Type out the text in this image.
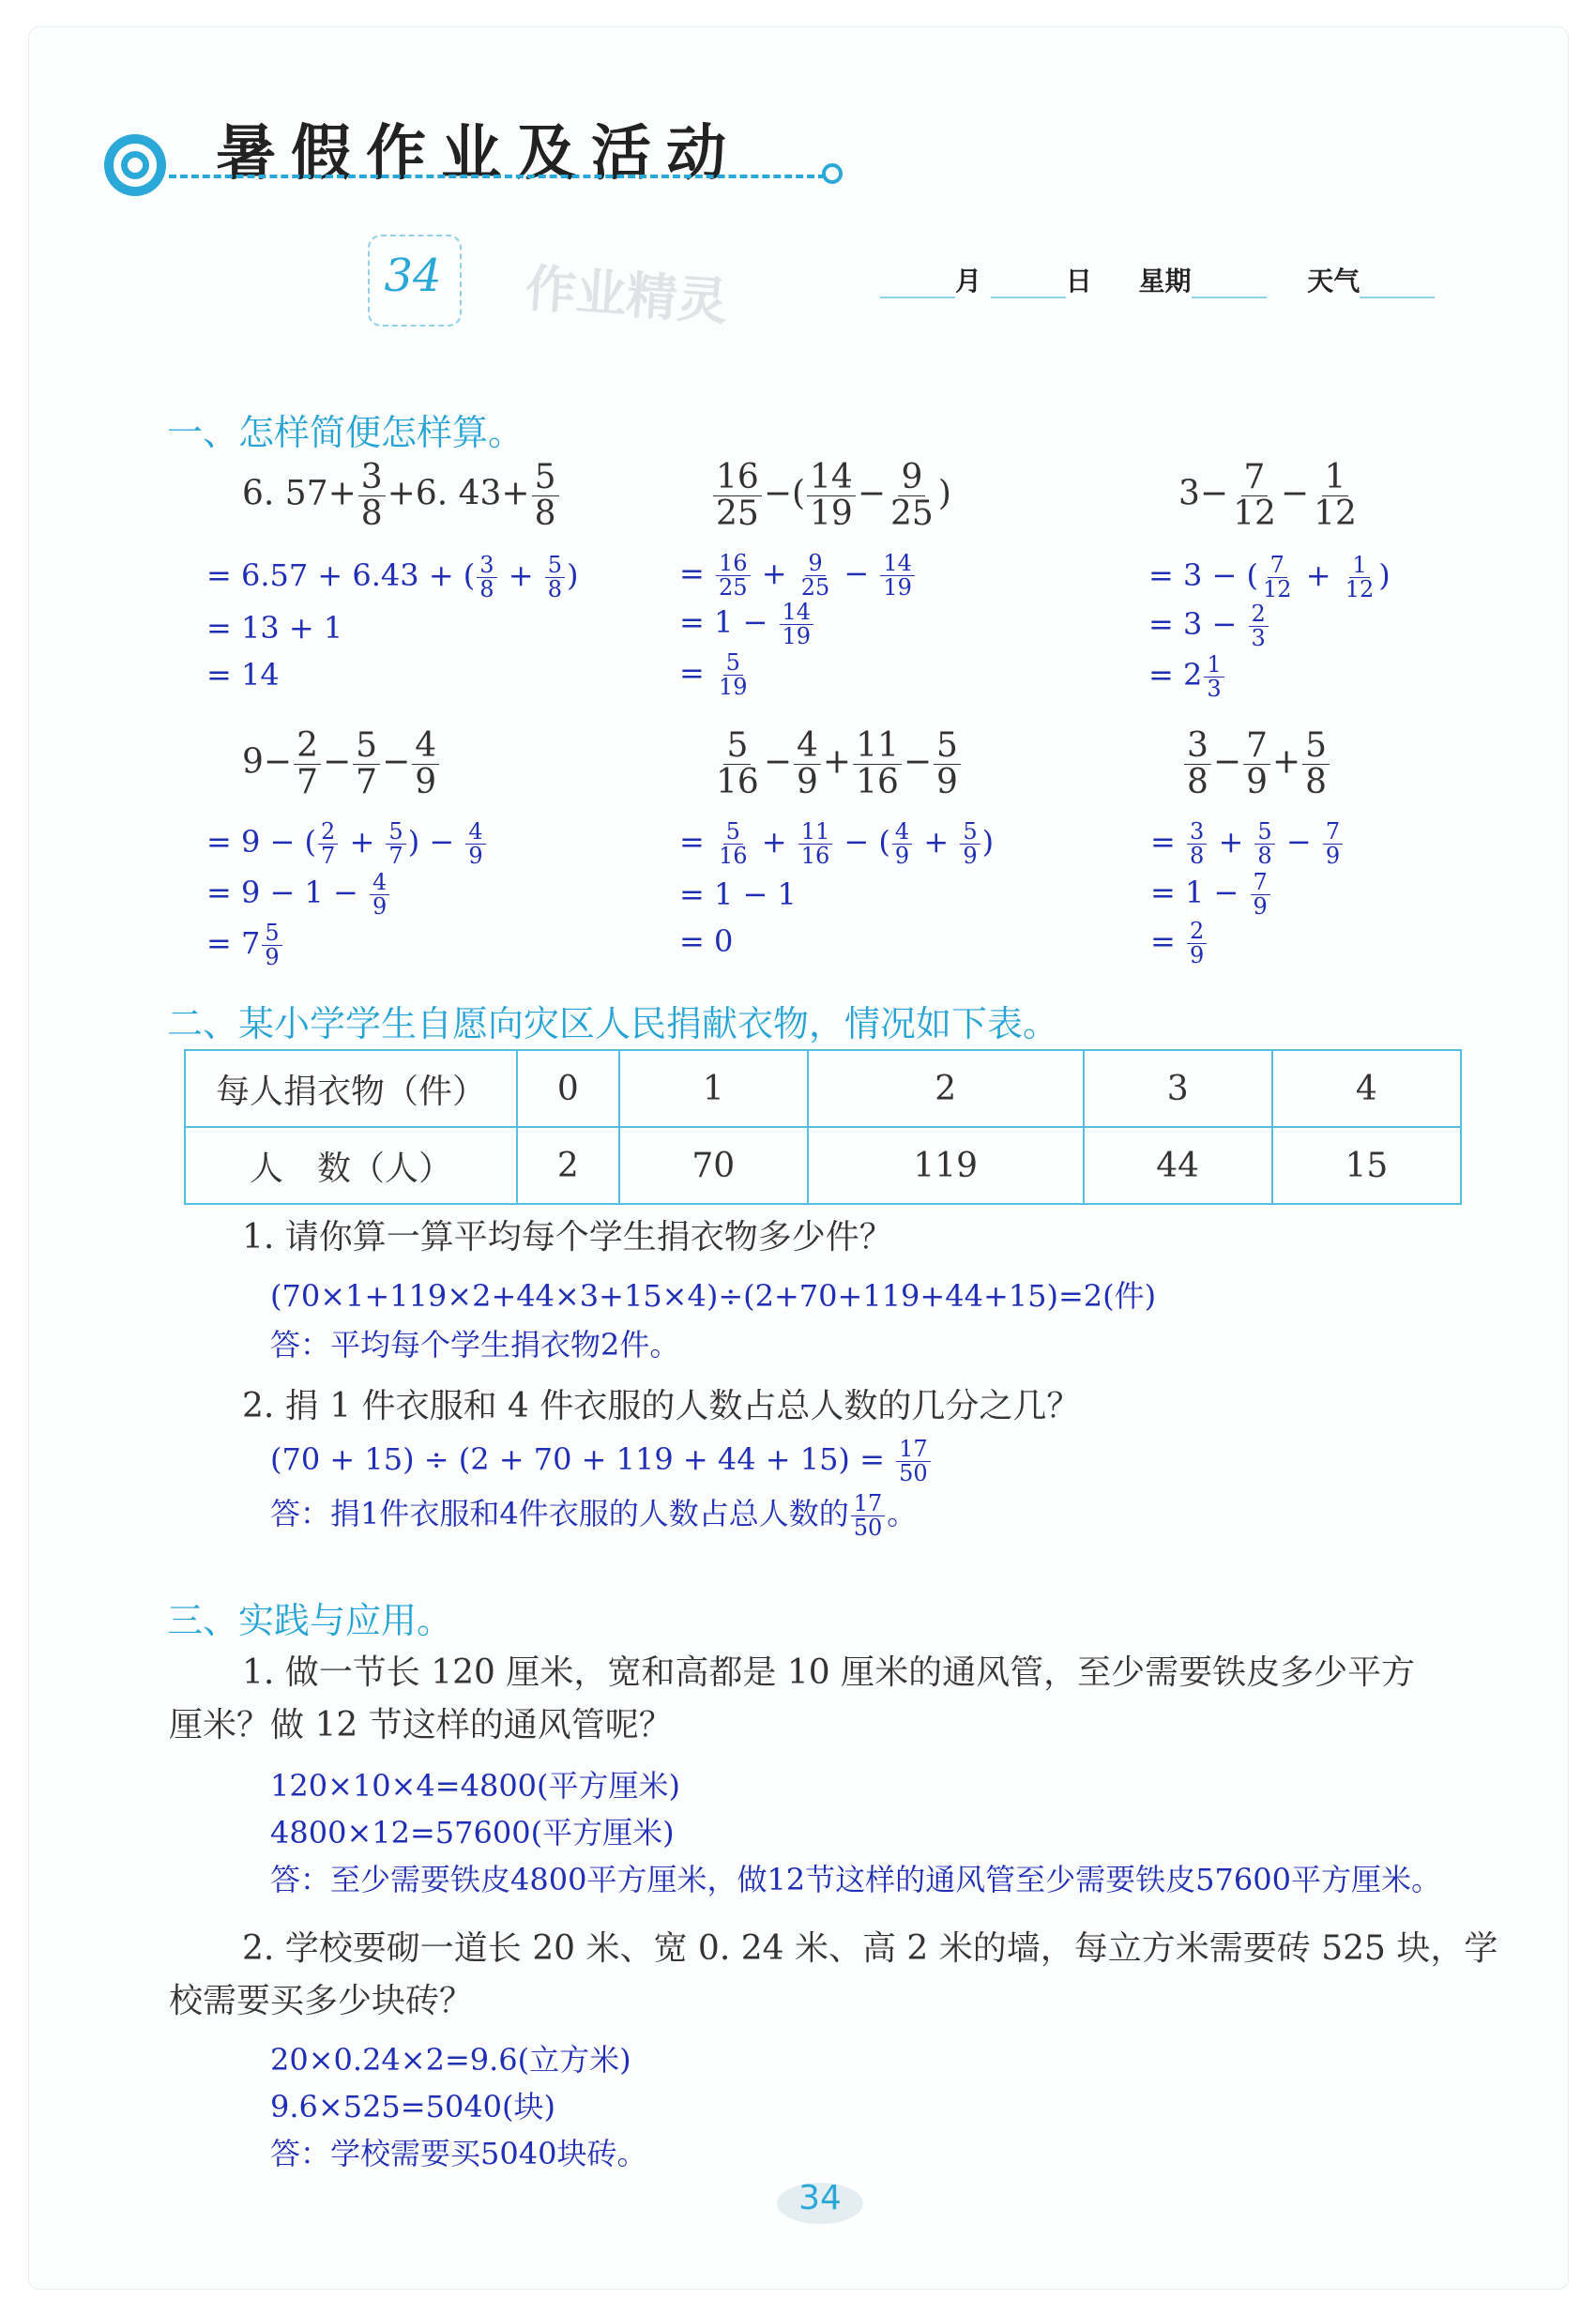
暑假作业及活动
34	作业精灵	月	日 星期	天气
一、怎样简便怎样算。
6. $57+ \frac{3}{8} +6$. $43+ \frac{5}{8}$
= 6.57 + 6.43 + ( $\frac{3}{8} + \frac{5}{8}$ )
= 13 + 1
= 14
$\frac{16}{25}$ −( $\frac{14}{19} - \frac{9}{25}$ )
= $\frac{16}{25} + \frac{9}{25} - \frac{14}{19}$
= $1 - \frac{14}{19}$
= $\frac{5}{19}$
$3- \frac{7}{12} - \frac{1}{12}$
= 3 − ( $\frac{7}{12} + \frac{1}{12}$ )
= $3 - \frac{2}{3}$
= $2 \frac{1}{3}$
$9- \frac{2}{7} - \frac{5}{7} - \frac{4}{9}$
= 9 − ( $\frac{2}{7} + \frac{5}{7}$ ) − $\frac{4}{9}$
= $9 - 1 - \frac{4}{9}$
= $7 \frac{5}{9}$
$\frac{5}{16} - \frac{4}{9} + \frac{11}{16} - \frac{5}{9}$
= $\frac{5}{16} + \frac{11}{16}$ − ( $\frac{4}{9} + \frac{5}{9}$ )
= 1 − 1
= 0
$\frac{3}{8} - \frac{7}{9} + \frac{5}{8}$
= $\frac{3}{8} + \frac{5}{8} - \frac{7}{9}$
= $1 - \frac{7}{9}$
= $\frac{2}{9}$
二、某小学学生自愿向灾区人民捐献衣物，情况如下表。
每人捐衣物（件）	0	1	2	3	4
人　数（人）	2	70	119	44	15
1. 请你算一算平均每个学生捐衣物多少件？
(70×1+119×2+44×3+15×4)÷(2+70+119+44+15)=2(件)
答：平均每个学生捐衣物2件。
2. 捐 1 件衣服和 4 件衣服的人数占总人数的几分之几？
$(70 + 15) \div (2 + 70 + 119 + 44 + 15) = \frac{17}{50}$
答：捐1件衣服和4件衣服的人数占总人数的 $\frac{17}{50}$ 。
三、实践与应用。
1. 做一节长 120 厘米，宽和高都是 10 厘米的通风管，至少需要铁皮多少平方
厘米？做 12 节这样的通风管呢？
120×10×4=4800(平方厘米)
4800×12=57600(平方厘米)
答：至少需要铁皮4800平方厘米，做12节这样的通风管至少需要铁皮57600平方厘米。
2. 学校要砌一道长 20 米、宽 0. 24 米、高 2 米的墙，每立方米需要砖 525 块，学
校需要买多少块砖？
20×0.24×2=9.6(立方米)
9.6×525=5040(块)
答：学校需要买5040块砖。
34
